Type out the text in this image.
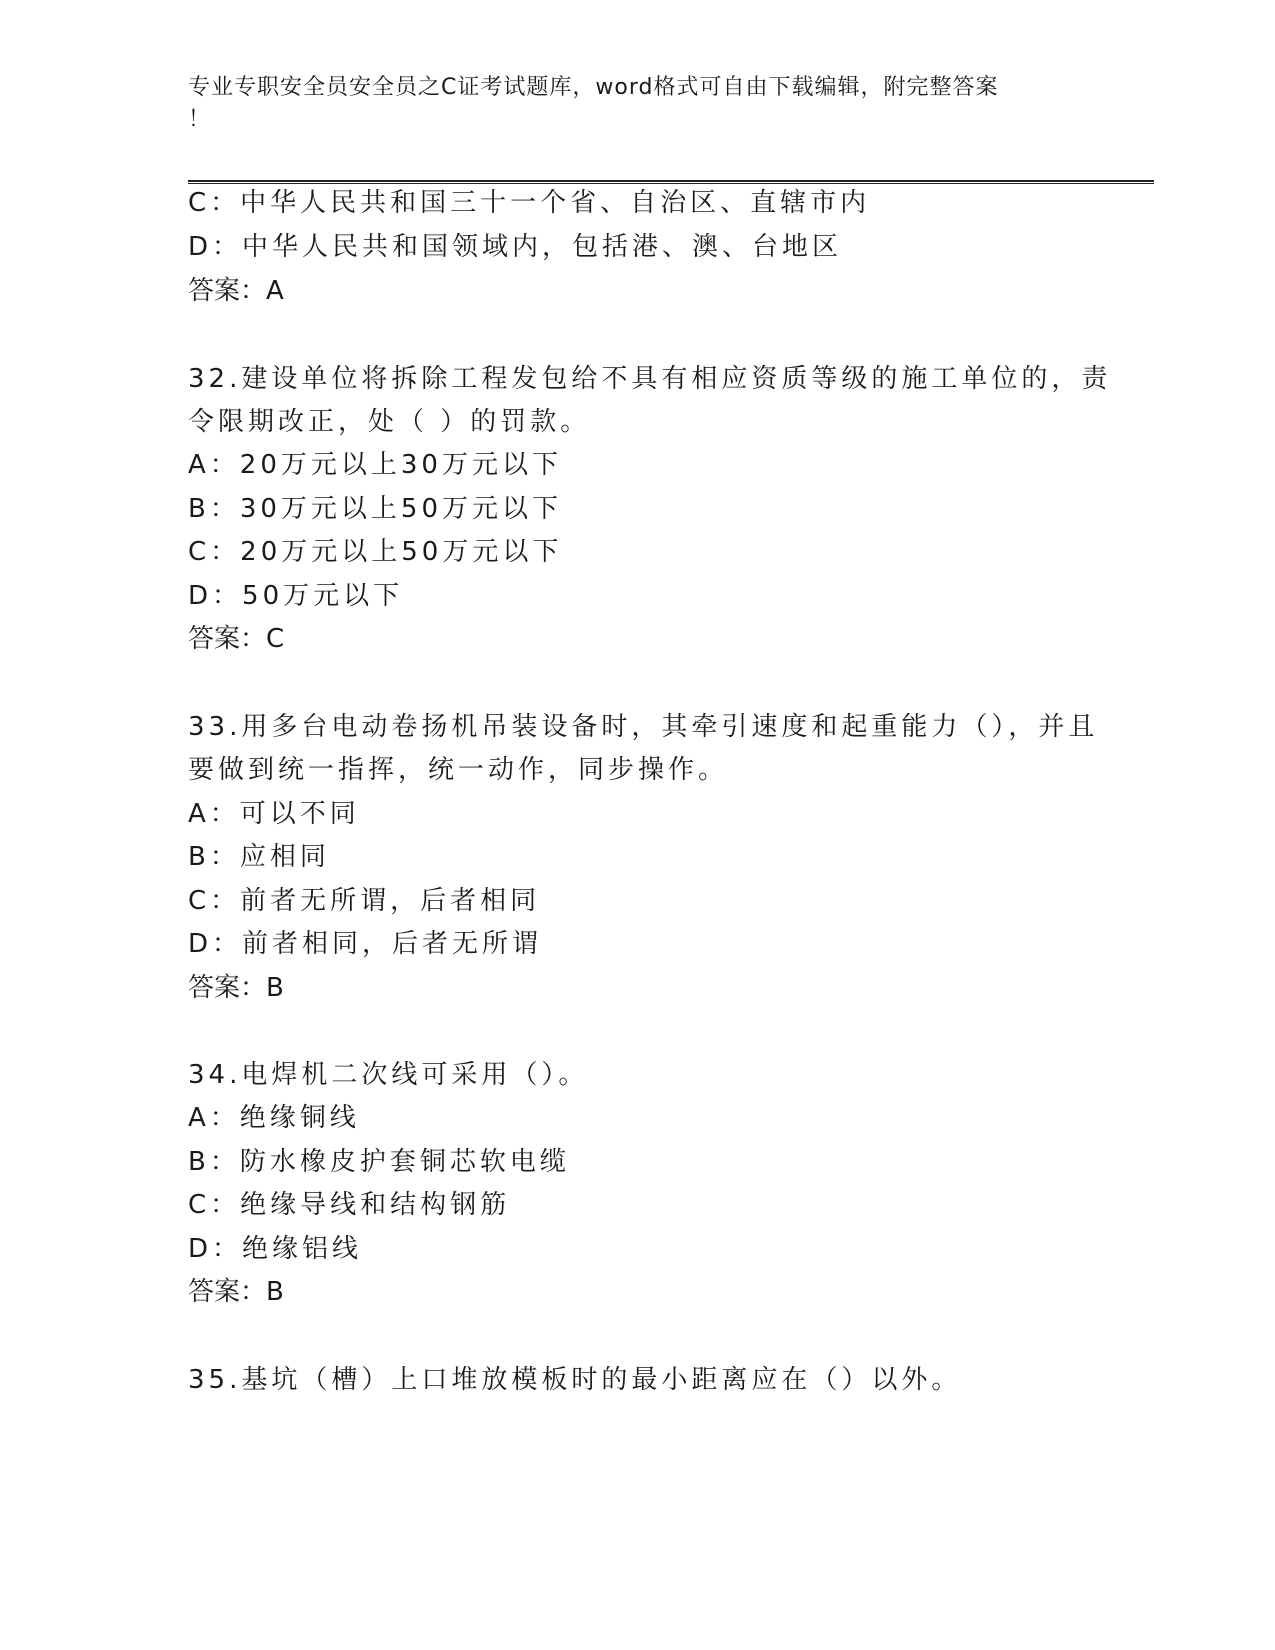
专业专职安全员安全员之C证考试题库，word格式可自由下载编辑，附完整答案
！
C：中华人民共和国三十一个省、自治区、直辖市内
D：中华人民共和国领域内，包括港、澳、台地区
答案：A
32.建设单位将拆除工程发包给不具有相应资质等级的施工单位的，责
令限期改正，处（ ）的罚款。
A：20万元以上30万元以下
B：30万元以上50万元以下
C：20万元以上50万元以下
D：50万元以下
答案：C
33.用多台电动卷扬机吊装设备时，其牵引速度和起重能力（），并且
要做到统一指挥，统一动作，同步操作。
A：可以不同
B：应相同
C：前者无所谓，后者相同
D：前者相同，后者无所谓
答案：B
34.电焊机二次线可采用（）。
A：绝缘铜线
B：防水橡皮护套铜芯软电缆
C：绝缘导线和结构钢筋
D：绝缘铝线
答案：B
35.基坑（槽）上口堆放模板时的最小距离应在（）以外。
